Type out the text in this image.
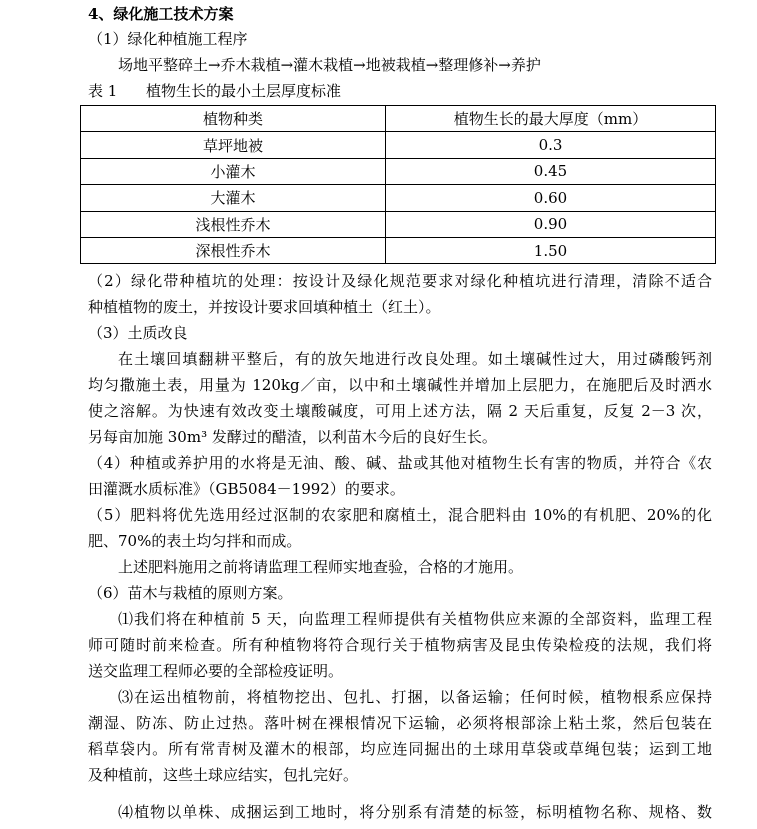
4、绿化施工技术方案
（1）绿化种植施工程序
场地平整碎土→乔木栽植→灌木栽植→地被栽植→整理修补→养护
表 1 植物生长的最小土层厚度标准
植物种类	植物生长的最大厚度（mm）
草坪地被	0.3
小灌木	0.45
大灌木	0.60
浅根性乔木	0.90
深根性乔木	1.50
（2）绿化带种植坑的处理：按设计及绿化规范要求对绿化种植坑进行清理，清除不适合
种植植物的废土，并按设计要求回填种植土（红土）。
（3）土质改良
在土壤回填翻耕平整后，有的放矢地进行改良处理。如土壤碱性过大，用过磷酸钙剂
均匀撒施土表，用量为 120kg／亩，以中和土壤碱性并增加上层肥力，在施肥后及时洒水
使之溶解。为快速有效改变土壤酸碱度，可用上述方法，隔 2 天后重复，反复 2－3 次，
另每亩加施 30m³ 发酵过的醋渣，以利苗木今后的良好生长。
（4）种植或养护用的水将是无油、酸、碱、盐或其他对植物生长有害的物质，并符合《农
田灌溉水质标准》（GB5084－1992）的要求。
（5）肥料将优先选用经过沤制的农家肥和腐植土，混合肥料由 10%的有机肥、20%的化
肥、70%的表土均匀拌和而成。
上述肥料施用之前将请监理工程师实地查验，合格的才施用。
（6）苗木与栽植的原则方案。
⑴我们将在种植前 5 天，向监理工程师提供有关植物供应来源的全部资料，监理工程
师可随时前来检查。所有种植物将符合现行关于植物病害及昆虫传染检疫的法规，我们将
送交监理工程师必要的全部检疫证明。
⑶在运出植物前，将植物挖出、包扎、打捆，以备运输；任何时候，植物根系应保持
潮湿、防冻、防止过热。落叶树在裸根情况下运输，必须将根部涂上粘土浆，然后包装在
稻草袋内。所有常青树及灌木的根部，均应连同掘出的土球用草袋或草绳包装；运到工地
及种植前，这些土球应结实，包扎完好。
⑷植物以单株、成捆运到工地时，将分别系有清楚的标签，标明植物名称、规格、数
